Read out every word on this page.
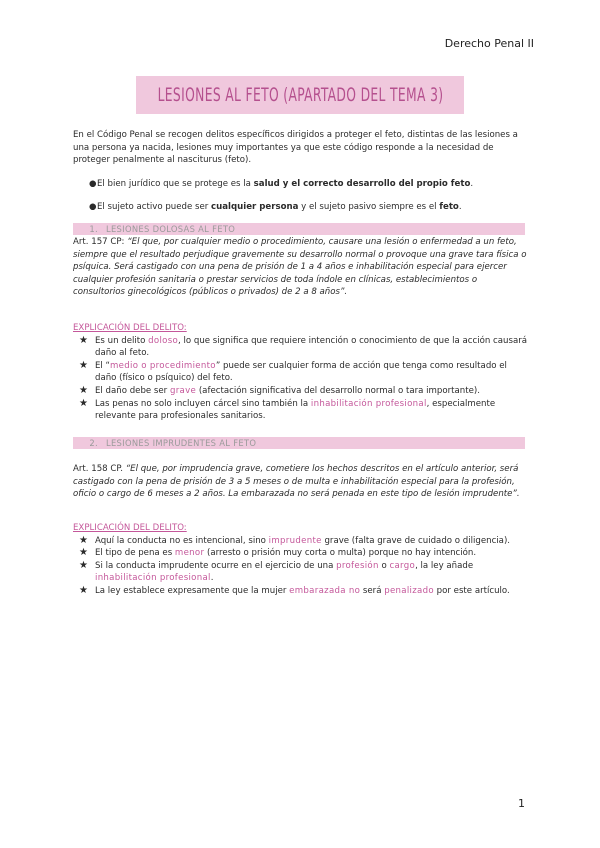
Derecho Penal II
LESIONES AL FETO (APARTADO DEL TEMA 3)

En el Código Penal se recogen delitos específicos dirigidos a proteger el feto, distintas de las lesiones a una persona ya nacida, lesiones muy importantes ya que este código responde a la necesidad de proteger penalmente al nasciturus (feto).

● El bien jurídico que se protege es la salud y el correcto desarrollo del propio feto.
● El sujeto activo puede ser cualquier persona y el sujeto pasivo siempre es el feto.
1. LESIONES DOLOSAS AL FETO

Art. 157 CP: “El que, por cualquier medio o procedimiento, causare una lesión o enfermedad a un feto, siempre que el resultado perjudique gravemente su desarrollo normal o provoque una grave tara física o psíquica. Será castigado con una pena de prisión de 1 a 4 años e inhabilitación especial para ejercer cualquier profesión sanitaria o prestar servicios de toda índole en clínicas, establecimientos o consultorios ginecológicos (públicos o privados) de 2 a 8 años”.

EXPLICACIÓN DEL DELITO:
★ Es un delito doloso, lo que significa que requiere intención o conocimiento de que la acción causará daño al feto.
★ El “medio o procedimiento” puede ser cualquier forma de acción que tenga como resultado el daño (físico o psíquico) del feto.
★ El daño debe ser grave (afectación significativa del desarrollo normal o tara importante).
★ Las penas no solo incluyen cárcel sino también la inhabilitación profesional, especialmente relevante para profesionales sanitarios.
2. LESIONES IMPRUDENTES AL FETO

Art. 158 CP. “El que, por imprudencia grave, cometiere los hechos descritos en el artículo anterior, será castigado con la pena de prisión de 3 a 5 meses o de multa e inhabilitación especial para la profesión, oficio o cargo de 6 meses a 2 años. La embarazada no será penada en este tipo de lesión imprudente”.

EXPLICACIÓN DEL DELITO:
★ Aquí la conducta no es intencional, sino imprudente grave (falta grave de cuidado o diligencia).
★ El tipo de pena es menor (arresto o prisión muy corta o multa) porque no hay intención.
★ Si la conducta imprudente ocurre en el ejercicio de una profesión o cargo, la ley añade inhabilitación profesional.
★ La ley establece expresamente que la mujer embarazada no será penalizado por este artículo.
1
